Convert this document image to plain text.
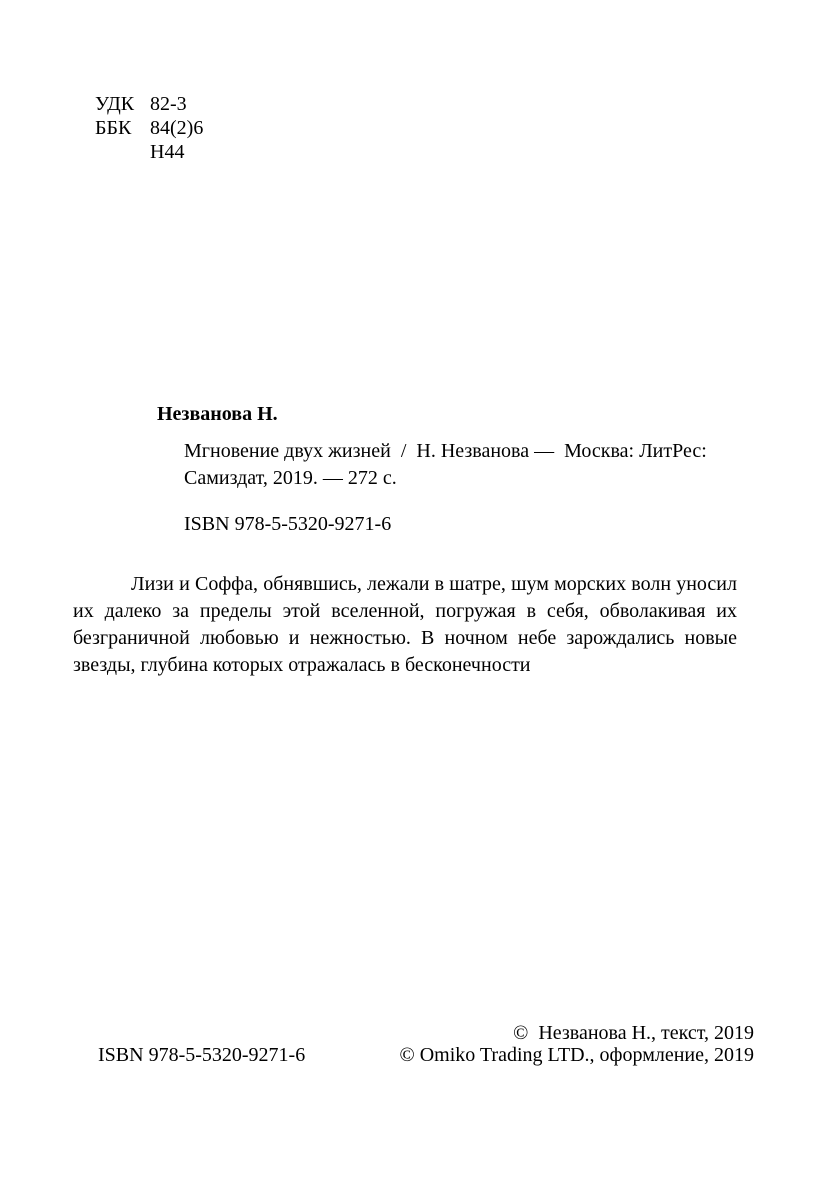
УДК 82-3
ББК 84(2)6
Н44
Незванова Н.
Мгновение двух жизней  /  Н. Незванова —  Москва: ЛитРес: Самиздат, 2019. — 272 с.
ISBN 978-5-5320-9271-6
Лизи и Соффа, обнявшись, лежали в шатре, шум морских волн уносил их далеко за пределы этой вселенной, погружая в себя, обволакивая их безграничной любовью и нежностью. В ночном небе зарождались новые звезды, глубина которых отражалась в бесконечности
©  Незванова Н., текст, 2019
ISBN 978-5-5320-9271-6	© Omiko Trading LTD., оформление, 2019
